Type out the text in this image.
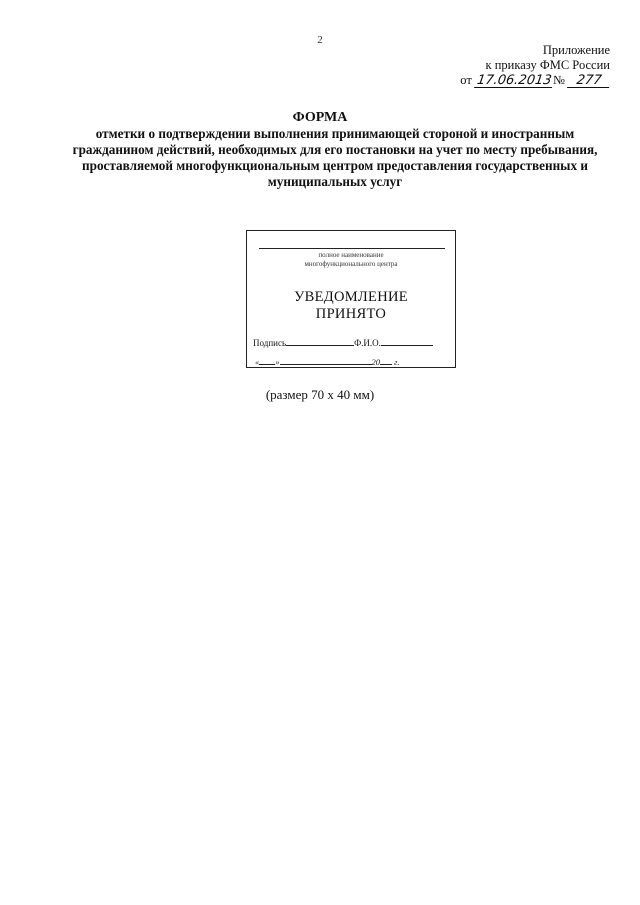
2
Приложение
к приказу ФМС России
от 17.06.2013№ 277
ФОРМА
отметки о подтверждении выполнения принимающей стороной и иностранным гражданином действий, необходимых для его постановки на учет по месту пребывания, проставляемой многофункциональным центром предоставления государственных и муниципальных услуг
полное наименование
многофункционального центра
УВЕДОМЛЕНИЕ
ПРИНЯТО
Подпись	Ф.И.О.
« »	20 г.
(размер 70 х 40 мм)
